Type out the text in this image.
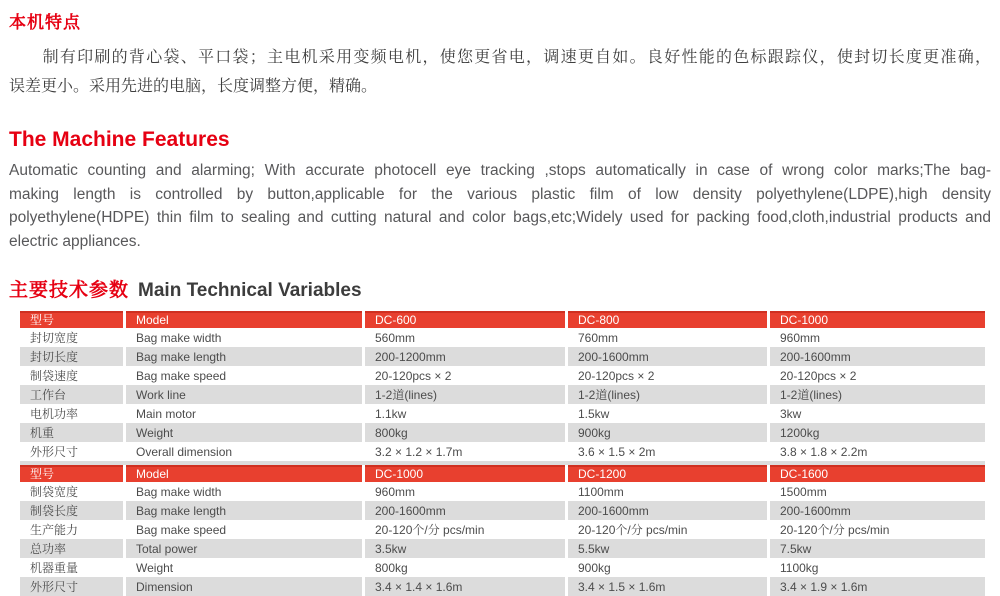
本机特点
制有印刷的背心袋、平口袋；主电机采用变频电机，使您更省电，调速更自如。良好性能的色标跟踪仪，使封切长度更准确，
误差更小。采用先进的电脑，长度调整方便，精确。
The Machine Features
Automatic counting and alarming; With accurate photocell eye tracking ,stops automatically in case of wrong color marks;The bag-
making length is controlled by button,applicable for the various plastic film of low density polyethylene(LDPE),high density
polyethylene(HDPE) thin film to sealing and cutting natural and color bags,etc;Widely used for packing food,cloth,industrial products and
electric appliances.
主要技术参数 Main Technical Variables
型号	Model	DC-600	DC-800	DC-1000
封切宽度	Bag make width	560mm	760mm	960mm
封切长度	Bag make length	200-1200mm	200-1600mm	200-1600mm
制袋速度	Bag make speed	20-120pcs × 2	20-120pcs × 2	20-120pcs × 2
工作台	Work line	1-2道(lines)	1-2道(lines)	1-2道(lines)
电机功率	Main motor	1.1kw	1.5kw	3kw
机重	Weight	800kg	900kg	1200kg
外形尺寸	Overall dimension	3.2 × 1.2 × 1.7m	3.6 × 1.5 × 2m	3.8 × 1.8 × 2.2m
型号	Model	DC-1000	DC-1200	DC-1600
制袋宽度	Bag make width	960mm	1100mm	1500mm
制袋长度	Bag make length	200-1600mm	200-1600mm	200-1600mm
生产能力	Bag make speed	20-120个/分 pcs/min	20-120个/分 pcs/min	20-120个/分 pcs/min
总功率	Total power	3.5kw	5.5kw	7.5kw
机器重量	Weight	800kg	900kg	1100kg
外形尺寸	Dimension	3.4 × 1.4 × 1.6m	3.4 × 1.5 × 1.6m	3.4 × 1.9 × 1.6m
